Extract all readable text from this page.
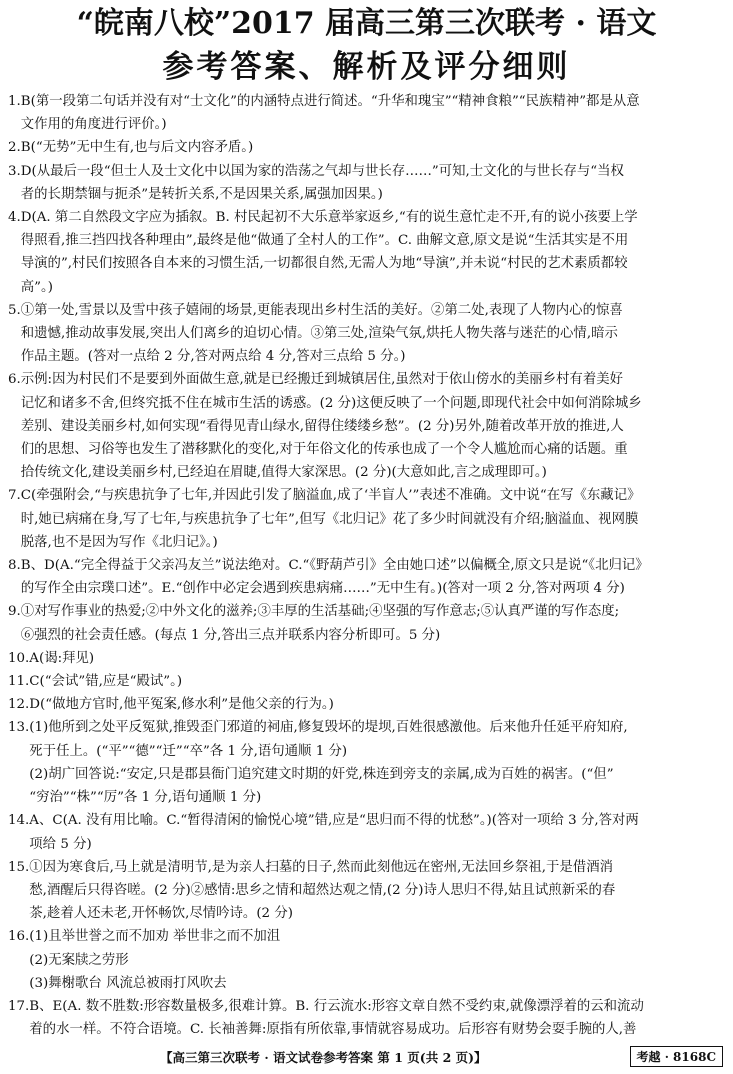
“皖南八校”2017 届高三第三次联考 · 语文
参考答案、解析及评分细则
1. B(第一段第二句话并没有对“士文化”的内涵特点进行简述。“升华和瑰宝”“精神食粮”“民族精神”都是从意
文作用的角度进行评价。)
2. B(“无势”无中生有,也与后文内容矛盾。)
3. D(从最后一段“但士人及士文化中以国为家的浩荡之气却与世长存……”可知,士文化的与世长存与“当权
者的长期禁锢与扼杀”是转折关系,不是因果关系,属强加因果。)
4. D(A. 第二自然段文字应为插叙。B. 村民起初不大乐意举家返乡,“有的说生意忙走不开,有的说小孩要上学
得照看,推三挡四找各种理由”,最终是他“做通了全村人的工作”。C. 曲解文意,原文是说“生活其实是不用
导演的”,村民们按照各自本来的习惯生活,一切都很自然,无需人为地“导演”,并未说“村民的艺术素质都较
高”。)
5. ①第一处,雪景以及雪中孩子嬉闹的场景,更能表现出乡村生活的美好。②第二处,表现了人物内心的惊喜
和遗憾,推动故事发展,突出人们离乡的迫切心情。③第三处,渲染气氛,烘托人物失落与迷茫的心情,暗示
作品主题。(答对一点给 2 分,答对两点给 4 分,答对三点给 5 分。)
6. 示例:因为村民们不是要到外面做生意,就是已经搬迁到城镇居住,虽然对于依山傍水的美丽乡村有着美好
记忆和诸多不舍,但终究抵不住在城市生活的诱惑。(2 分)这便反映了一个问题,即现代社会中如何消除城乡
差别、建设美丽乡村,如何实现“看得见青山绿水,留得住缕缕乡愁”。(2 分)另外,随着改革开放的推进,人
们的思想、习俗等也发生了潜移默化的变化,对于年俗文化的传承也成了一个令人尴尬而心痛的话题。重
拾传统文化,建设美丽乡村,已经迫在眉睫,值得大家深思。(2 分)(大意如此,言之成理即可。)
7. C(牵强附会,“与疾患抗争了七年,并因此引发了脑溢血,成了‘半盲人’”表述不准确。文中说“在写《东藏记》
时,她已病痛在身,写了七年,与疾患抗争了七年”,但写《北归记》花了多少时间就没有介绍;脑溢血、视网膜
脱落,也不是因为写作《北归记》。)
8. B、D(A.“完全得益于父亲冯友兰”说法绝对。C.“《野葫芦引》全由她口述”以偏概全,原文只是说“《北归记》
的写作全由宗璞口述”。E.“创作中必定会遇到疾患病痛……”无中生有。)(答对一项 2 分,答对两项 4 分)
9. ①对写作事业的热爱;②中外文化的滋养;③丰厚的生活基础;④坚强的写作意志;⑤认真严谨的写作态度;
⑥强烈的社会责任感。(每点 1 分,答出三点并联系内容分析即可。5 分)
10. A(谒:拜见)
11. C(“会试”错,应是“殿试”。)
12. D(“做地方官时,他平冤案,修水利”是他父亲的行为。)
13. (1)他所到之处平反冤狱,推毁歪门邪道的祠庙,修复毁坏的堤坝,百姓很感激他。后来他升任延平府知府,
死于任上。(“平”“德”“迁”“卒”各 1 分,语句通顺 1 分)
(2)胡广回答说:“安定,只是郡县衙门追究建文时期的奸党,株连到旁支的亲属,成为百姓的祸害。(“但”
“穷治”“株”“厉”各 1 分,语句通顺 1 分)
14. A、C(A. 没有用比喻。C.“暂得清闲的愉悦心境”错,应是“思归而不得的忧愁”。)(答对一项给 3 分,答对两
项给 5 分)
15. ①因为寒食后,马上就是清明节,是为亲人扫墓的日子,然而此刻他远在密州,无法回乡祭祖,于是借酒消
愁,酒醒后只得咨嗟。(2 分)②感情:思乡之情和超然达观之情,(2 分)诗人思归不得,姑且试煎新采的春
茶,趁着人还未老,开怀畅饮,尽情吟诗。(2 分)
16. (1)且举世誉之而不加劝 举世非之而不加沮
(2)无案牍之劳形
(3)舞榭歌台 风流总被雨打风吹去
17. B、E(A. 数不胜数:形容数量极多,很难计算。B. 行云流水:形容文章自然不受约束,就像漂浮着的云和流动
着的水一样。不符合语境。C. 长袖善舞:原指有所依靠,事情就容易成功。后形容有财势会耍手腕的人,善
【高三第三次联考 · 语文试卷参考答案 第 1 页(共 2 页)】	考越 · 8168C
